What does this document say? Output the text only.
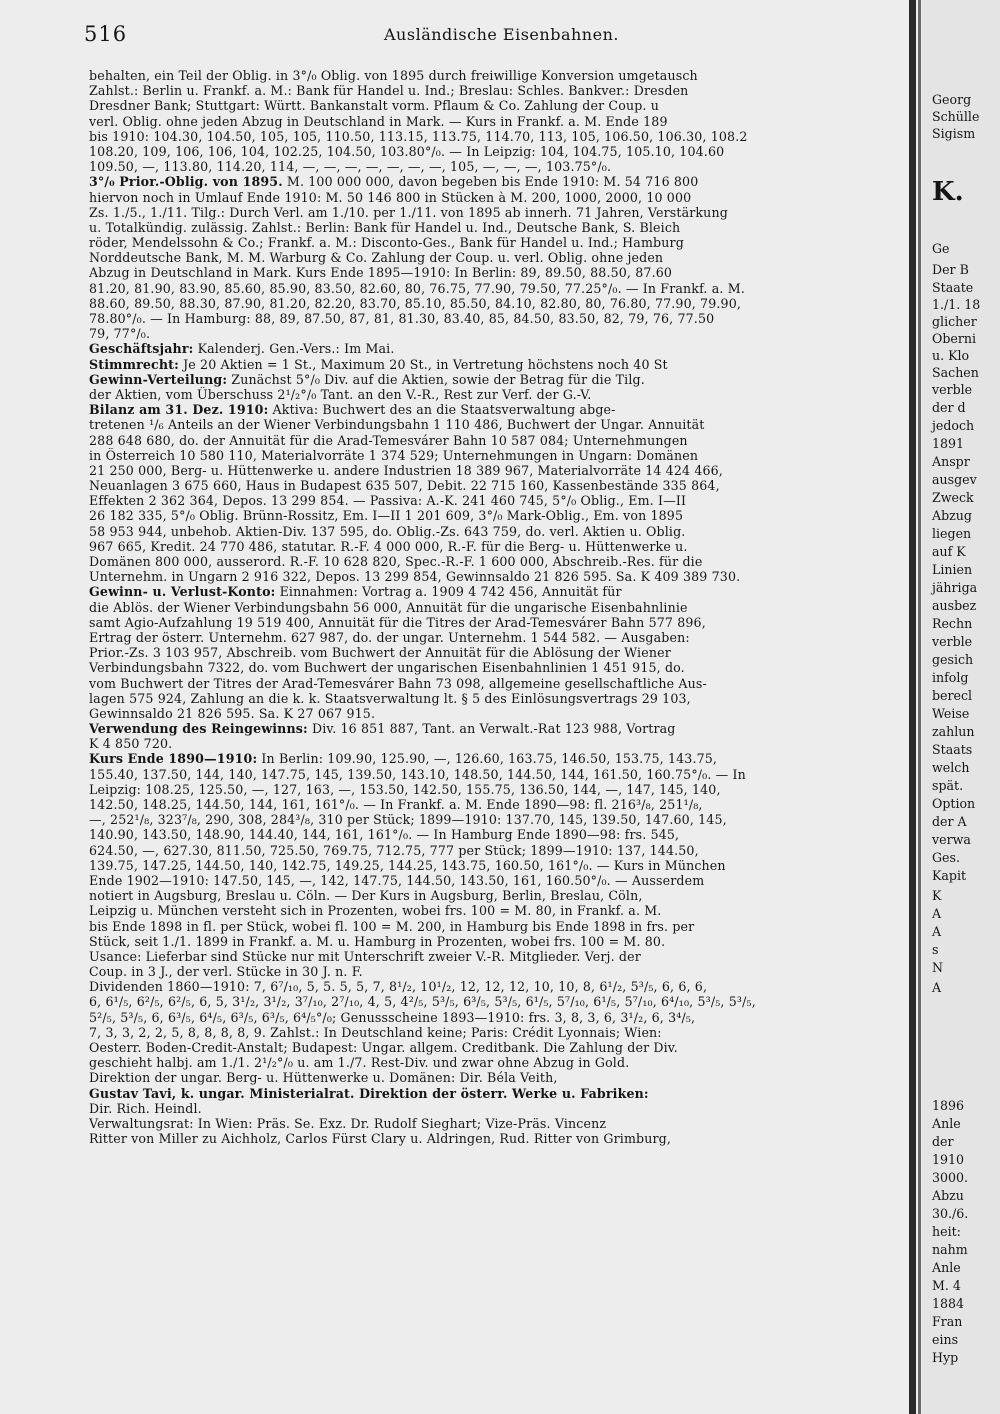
516	Ausländische Eisenbahnen.
behalten, ein Teil der Oblig. in 3°/₀ Oblig. von 1895 durch freiwillige Konversion umgetausch
Zahlst.: Berlin u. Frankf. a. M.: Bank für Handel u. Ind.; Breslau: Schles. Bankver.: Dresden
Dresdner Bank; Stuttgart: Württ. Bankanstalt vorm. Pflaum & Co. Zahlung der Coup. u
verl. Oblig. ohne jeden Abzug in Deutschland in Mark. — Kurs in Frankf. a. M. Ende 189
bis 1910: 104.30, 104.50, 105, 105, 110.50, 113.15, 113.75, 114.70, 113, 105, 106.50, 106.30, 108.2
108.20, 109, 106, 106, 104, 102.25, 104.50, 103.80°/₀. — In Leipzig: 104, 104.75, 105.10, 104.60
109.50, —, 113.80, 114.20, 114, —, —, —, —, —, —, —, 105, —, —, —, 103.75°/₀.
3°/₀ Prior.-Oblig. von 1895. M. 100 000 000, davon begeben bis Ende 1910: M. 54 716 800
hiervon noch in Umlauf Ende 1910: M. 50 146 800 in Stücken à M. 200, 1000, 2000, 10 000
Zs. 1./5., 1./11. Tilg.: Durch Verl. am 1./10. per 1./11. von 1895 ab innerh. 71 Jahren, Verstärkung
u. Totalkündig. zulässig. Zahlst.: Berlin: Bank für Handel u. Ind., Deutsche Bank, S. Bleich
röder, Mendelssohn & Co.; Frankf. a. M.: Disconto-Ges., Bank für Handel u. Ind.; Hamburg
Norddeutsche Bank, M. M. Warburg & Co. Zahlung der Coup. u. verl. Oblig. ohne jeden
Abzug in Deutschland in Mark. Kurs Ende 1895—1910: In Berlin: 89, 89.50, 88.50, 87.60
81.20, 81.90, 83.90, 85.60, 85.90, 83.50, 82.60, 80, 76.75, 77.90, 79.50, 77.25°/₀. — In Frankf. a. M.
88.60, 89.50, 88.30, 87.90, 81.20, 82.20, 83.70, 85.10, 85.50, 84.10, 82.80, 80, 76.80, 77.90, 79.90,
78.80°/₀. — In Hamburg: 88, 89, 87.50, 87, 81, 81.30, 83.40, 85, 84.50, 83.50, 82, 79, 76, 77.50
79, 77°/₀.
Geschäftsjahr: Kalenderj. Gen.-Vers.: Im Mai.
Stimmrecht: Je 20 Aktien = 1 St., Maximum 20 St., in Vertretung höchstens noch 40 St
Gewinn-Verteilung: Zunächst 5°/₀ Div. auf die Aktien, sowie der Betrag für die Tilg.
der Aktien, vom Überschuss 2¹/₂°/₀ Tant. an den V.-R., Rest zur Verf. der G.-V.
Bilanz am 31. Dez. 1910: Aktiva: Buchwert des an die Staatsverwaltung abge-
tretenen ¹/₆ Anteils an der Wiener Verbindungsbahn 1 110 486, Buchwert der Ungar. Annuität
288 648 680, do. der Annuität für die Arad-Temesvárer Bahn 10 587 084; Unternehmungen
in Österreich 10 580 110, Materialvorräte 1 374 529; Unternehmungen in Ungarn: Domänen
21 250 000, Berg- u. Hüttenwerke u. andere Industrien 18 389 967, Materialvorräte 14 424 466,
Neuanlagen 3 675 660, Haus in Budapest 635 507, Debit. 22 715 160, Kassenbestände 335 864,
Effekten 2 362 364, Depos. 13 299 854. — Passiva: A.-K. 241 460 745, 5°/₀ Oblig., Em. I—II
26 182 335, 5°/₀ Oblig. Brünn-Rossitz, Em. I—II 1 201 609, 3°/₀ Mark-Oblig., Em. von 1895
58 953 944, unbehob. Aktien-Div. 137 595, do. Oblig.-Zs. 643 759, do. verl. Aktien u. Oblig.
967 665, Kredit. 24 770 486, statutar. R.-F. 4 000 000, R.-F. für die Berg- u. Hüttenwerke u.
Domänen 800 000, ausserord. R.-F. 10 628 820, Spec.-R.-F. 1 600 000, Abschreib.-Res. für die
Unternehm. in Ungarn 2 916 322, Depos. 13 299 854, Gewinnsaldo 21 826 595. Sa. K 409 389 730.
Gewinn- u. Verlust-Konto: Einnahmen: Vortrag a. 1909 4 742 456, Annuität für
die Ablös. der Wiener Verbindungsbahn 56 000, Annuität für die ungarische Eisenbahnlinie
samt Agio-Aufzahlung 19 519 400, Annuität für die Titres der Arad-Temesvárer Bahn 577 896,
Ertrag der österr. Unternehm. 627 987, do. der ungar. Unternehm. 1 544 582. — Ausgaben:
Prior.-Zs. 3 103 957, Abschreib. vom Buchwert der Annuität für die Ablösung der Wiener
Verbindungsbahn 7322, do. vom Buchwert der ungarischen Eisenbahnlinien 1 451 915, do.
vom Buchwert der Titres der Arad-Temesvárer Bahn 73 098, allgemeine gesellschaftliche Aus-
lagen 575 924, Zahlung an die k. k. Staatsverwaltung lt. § 5 des Einlösungsvertrags 29 103,
Gewinnsaldo 21 826 595. Sa. K 27 067 915.
Verwendung des Reingewinns: Div. 16 851 887, Tant. an Verwalt.-Rat 123 988, Vortrag
K 4 850 720.
Kurs Ende 1890—1910: In Berlin: 109.90, 125.90, —, 126.60, 163.75, 146.50, 153.75, 143.75,
155.40, 137.50, 144, 140, 147.75, 145, 139.50, 143.10, 148.50, 144.50, 144, 161.50, 160.75°/₀. — In
Leipzig: 108.25, 125.50, —, 127, 163, —, 153.50, 142.50, 155.75, 136.50, 144, —, 147, 145, 140,
142.50, 148.25, 144.50, 144, 161, 161°/₀. — In Frankf. a. M. Ende 1890—98: fl. 216³/₈, 251¹/₈,
—, 252¹/₈, 323⁷/₈, 290, 308, 284³/₈, 310 per Stück; 1899—1910: 137.70, 145, 139.50, 147.60, 145,
140.90, 143.50, 148.90, 144.40, 144, 161, 161°/₀. — In Hamburg Ende 1890—98: frs. 545,
624.50, —, 627.30, 811.50, 725.50, 769.75, 712.75, 777 per Stück; 1899—1910: 137, 144.50,
139.75, 147.25, 144.50, 140, 142.75, 149.25, 144.25, 143.75, 160.50, 161°/₀. — Kurs in München
Ende 1902—1910: 147.50, 145, —, 142, 147.75, 144.50, 143.50, 161, 160.50°/₀. — Ausserdem
notiert in Augsburg, Breslau u. Cöln. — Der Kurs in Augsburg, Berlin, Breslau, Cöln,
Leipzig u. München versteht sich in Prozenten, wobei frs. 100 = M. 80, in Frankf. a. M.
bis Ende 1898 in fl. per Stück, wobei fl. 100 = M. 200, in Hamburg bis Ende 1898 in frs. per
Stück, seit 1./1. 1899 in Frankf. a. M. u. Hamburg in Prozenten, wobei frs. 100 = M. 80.
Usance: Lieferbar sind Stücke nur mit Unterschrift zweier V.-R. Mitglieder. Verj. der
Coup. in 3 J., der verl. Stücke in 30 J. n. F.
Dividenden 1860—1910: 7, 6⁷/₁₀, 5, 5. 5, 5, 7, 8¹/₂, 10¹/₂, 12, 12, 12, 10, 10, 8, 6¹/₂, 5³/₅, 6, 6, 6,
6, 6¹/₅, 6²/₅, 6²/₅, 6, 5, 3¹/₂, 3¹/₂, 3⁷/₁₀, 2⁷/₁₀, 4, 5, 4²/₅, 5³/₅, 6³/₅, 5³/₅, 6¹/₅, 5⁷/₁₀, 6¹/₅, 5⁷/₁₀, 6⁴/₁₀, 5³/₅, 5³/₅,
5²/₅, 5³/₅, 6, 6³/₅, 6⁴/₅, 6³/₅, 6³/₅, 6⁴/₅°/₀; Genussscheine 1893—1910: frs. 3, 8, 3, 6, 3¹/₂, 6, 3⁴/₅,
7, 3, 3, 2, 2, 5, 8, 8, 8, 8, 9. Zahlst.: In Deutschland keine; Paris: Crédit Lyonnais; Wien:
Oesterr. Boden-Credit-Anstalt; Budapest: Ungar. allgem. Creditbank. Die Zahlung der Div.
geschieht halbj. am 1./1. 2¹/₂°/₀ u. am 1./7. Rest-Div. und zwar ohne Abzug in Gold.
Direktion der ungar. Berg- u. Hüttenwerke u. Domänen: Dir. Béla Veith,
Gustav Tavi, k. ungar. Ministerialrat. Direktion der österr. Werke u. Fabriken:
Dir. Rich. Heindl.
Verwaltungsrat: In Wien: Präs. Se. Exz. Dr. Rudolf Sieghart; Vize-Präs. Vincenz
Ritter von Miller zu Aichholz, Carlos Fürst Clary u. Aldringen, Rud. Ritter von Grimburg,
Georg
Schülle
Sigism
K.
Ge
Der B
Staate
1./1. 18
glicher
Oberni
u. Klo
Sachen
verble
der d
jedoch
1891
Anspr
ausgev
Zweck
Abzug
liegen
auf K
Linien
jähriga
ausbez
Rechn
verble
gesich
infolg
berecl
Weise
zahlun
Staats
welch
spät.
Option
der A
verwa
Ges.
Kapit
K
A
A
s
N
A
1896
Anle
der
1910
3000.
Abzu
30./6.
heit:
nahm
Anle
M. 4
1884
Fran
eins
Hyp
